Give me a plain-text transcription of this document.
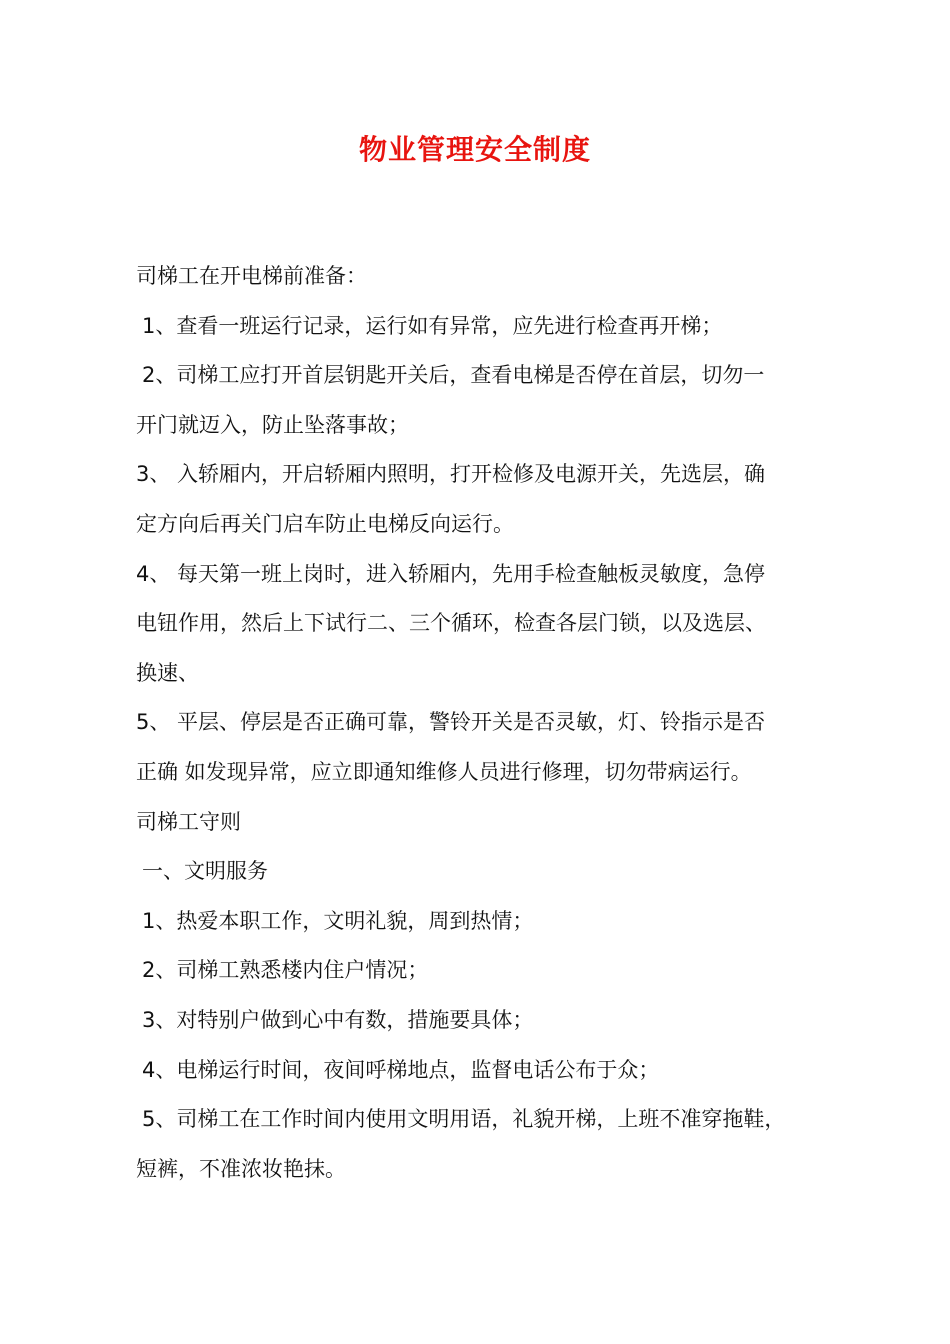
物业管理安全制度
司梯工在开电梯前准备：
1、查看一班运行记录，运行如有异常，应先进行检查再开梯；
2、司梯工应打开首层钥匙开关后，查看电梯是否停在首层，切勿一
开门就迈入，防止坠落事故；
3、 入轿厢内，开启轿厢内照明，打开检修及电源开关，先选层，确
定方向后再关门启车防止电梯反向运行。
4、 每天第一班上岗时，进入轿厢内，先用手检查触板灵敏度，急停
电钮作用，然后上下试行二、三个循环，检查各层门锁，以及选层、
换速、
5、 平层、停层是否正确可靠，警铃开关是否灵敏，灯、铃指示是否
正确 如发现异常，应立即通知维修人员进行修理，切勿带病运行。
司梯工守则
一、文明服务
1、热爱本职工作，文明礼貌，周到热情；
2、司梯工熟悉楼内住户情况；
3、对特别户做到心中有数，措施要具体；
4、电梯运行时间，夜间呼梯地点，监督电话公布于众；
5、司梯工在工作时间内使用文明用语，礼貌开梯，上班不准穿拖鞋，
短裤，不准浓妆艳抹。
